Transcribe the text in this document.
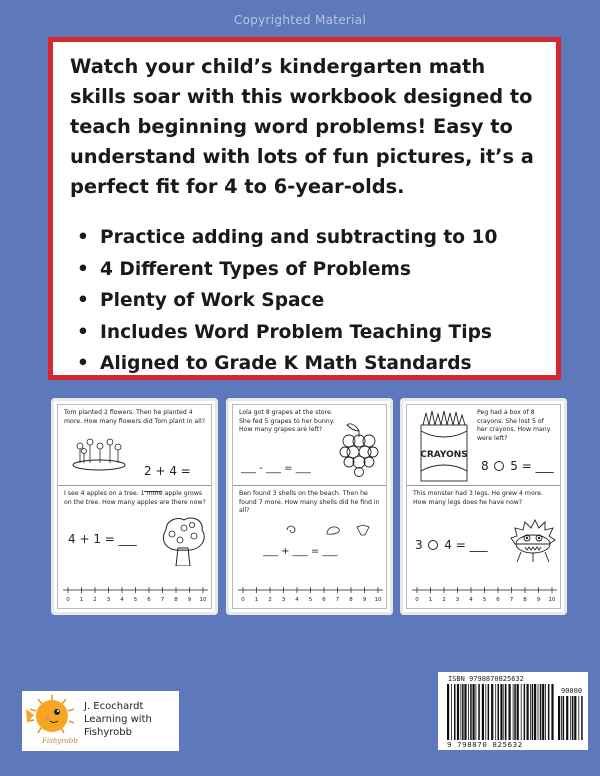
Copyrighted Material

Watch your child’s kindergarten math skills soar with this workbook designed to teach beginning word problems! Easy to understand with lots of fun pictures, it’s a perfect fit for 4 to 6-year-olds.

• Practice adding and subtracting to 10
• 4 Different Types of Problems
• Plenty of Work Space
• Includes Word Problem Teaching Tips
• Aligned to Grade K Math Standards
Tom planted 2 flowers. Then he planted 4 more. How many flowers did Tom plant in all?
2 + 4 = ___
I see 4 apples on a tree. 1 more apple grows on the tree. How many apples are there now?
4 + 1 = ___
0 1 2 3 4 5 6 7 8 9 10
Lola got 8 grapes at the store. She fed 5 grapes to her bunny. How many grapes are left?
___ - ___ = ___
Ben found 3 shells on the beach. Then he found 7 more. How many shells did he find in all?
___ + ___ = ___
0 1 2 3 4 5 6 7 8 9 10
Peg had a box of 8 crayons. She lost 5 of her crayons. How many were left?
CRAYONS
8 5 = ___
This monster had 3 legs. He grew 4 more. How many legs does he have now?
3 4 = ___
0 1 2 3 4 5 6 7 8 9 10
Fishyrobb
J. Ecochardt
Learning with
Fishyrobb
ISBN 9798870825632
90000
9 798870 825632
